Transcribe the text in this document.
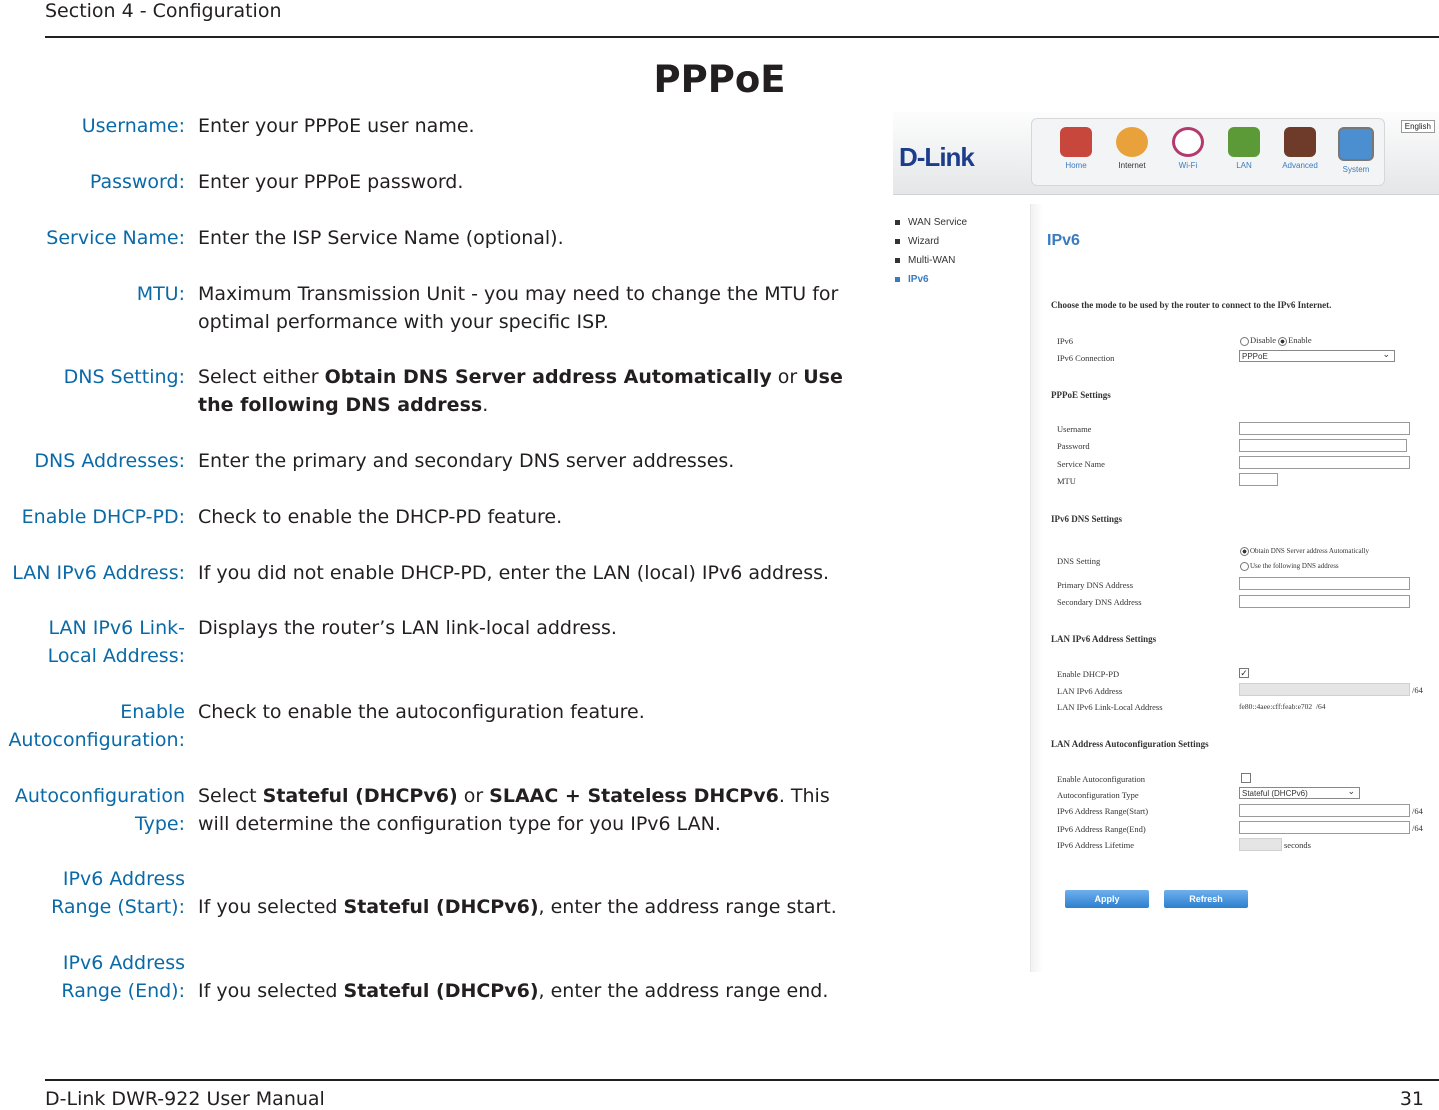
Section 4 - Configuration
PPPoE
Username: Enter your PPPoE user name.
Password: Enter your PPPoE password.
Service Name: Enter the ISP Service Name (optional).
MTU: Maximum Transmission Unit - you may need to change the MTU for optimal performance with your specific ISP.
DNS Setting: Select either Obtain DNS Server address Automatically or Use the following DNS address.
DNS Addresses: Enter the primary and secondary DNS server addresses.
Enable DHCP-PD: Check to enable the DHCP-PD feature.
LAN IPv6 Address: If you did not enable DHCP-PD, enter the LAN (local) IPv6 address.
LAN IPv6 Link-
Local Address:
Displays the router’s LAN link-local address.
Enable
Autoconfiguration:
Check to enable the autoconfiguration feature.
Autoconfiguration
Type:
Select Stateful (DHCPv6) or SLAAC + Stateless DHCPv6. This will determine the configuration type for you IPv6 LAN.
IPv6 Address
Range (Start): If you selected Stateful (DHCPv6), enter the address range start.
IPv6 Address
Range (End): If you selected Stateful (DHCPv6), enter the address range end.
D-Link	Home	Internet	Wi-Fi	LAN	Advanced	System
English
WAN Service
Wizard
Multi-WAN
IPv6
IPv6
Choose the mode to be used by the router to connect to the IPv6 Internet.
IPv6	Disable Enable
IPv6 Connection	PPPoE ⌄
PPPoE Settings
Username
Password
Service Name
MTU
IPv6 DNS Settings
DNS Setting
Obtain DNS Server address Automatically
Use the following DNS address
Primary DNS Address
Secondary DNS Address
LAN IPv6 Address Settings
Enable DHCP-PD	✓
LAN IPv6 Address	/64
LAN IPv6 Link-Local Address	fe80::4aee:cff:feab:e702 /64
LAN Address Autoconfiguration Settings
Enable Autoconfiguration
Autoconfiguration Type	Stateful (DHCPv6) ⌄
IPv6 Address Range(Start)	/64
IPv6 Address Range(End)	/64
IPv6 Address Lifetime	seconds
Apply	Refresh
D-Link DWR-922 User Manual	31
